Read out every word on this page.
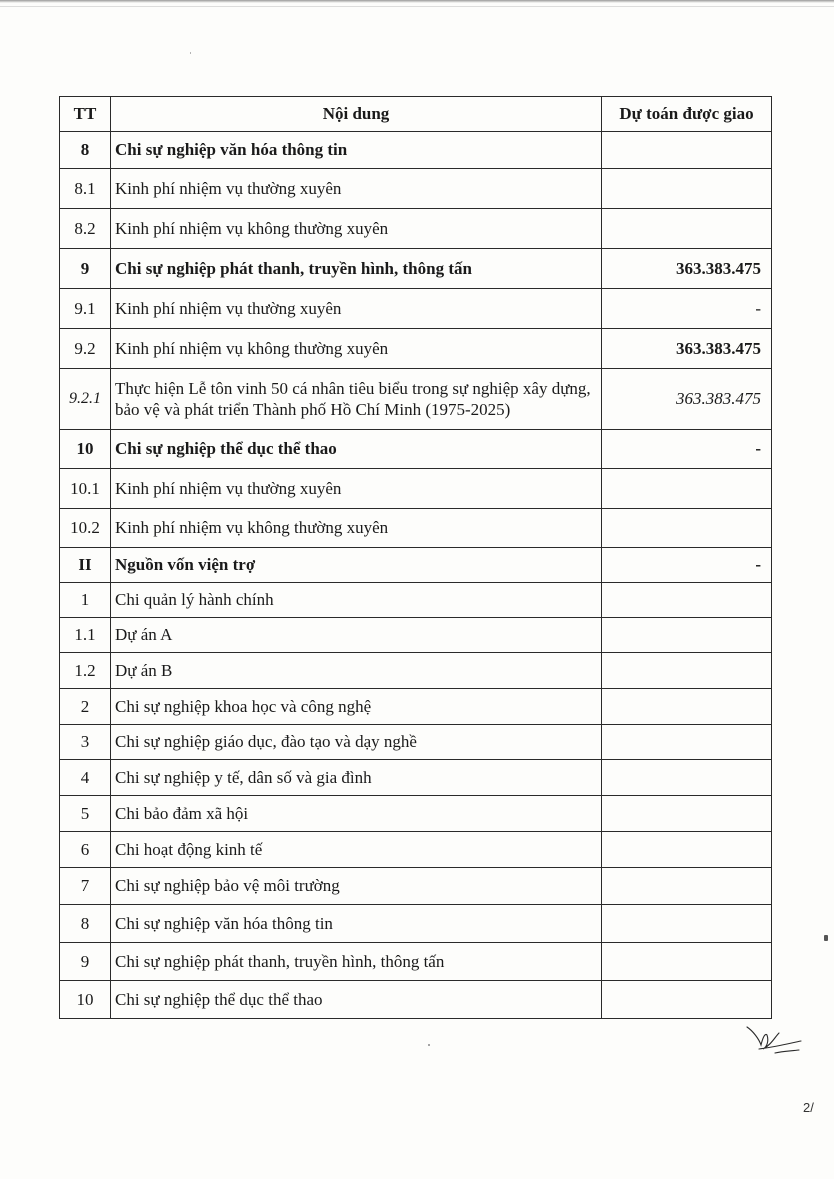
TT	Nội dung	Dự toán được giao
8	Chi sự nghiệp văn hóa thông tin	
8.1	Kinh phí nhiệm vụ thường xuyên	
8.2	Kinh phí nhiệm vụ không thường xuyên	
9	Chi sự nghiệp phát thanh, truyền hình, thông tấn	363.383.475
9.1	Kinh phí nhiệm vụ thường xuyên	-
9.2	Kinh phí nhiệm vụ không thường xuyên	363.383.475
9.2.1	Thực hiện Lễ tôn vinh 50 cá nhân tiêu biểu trong sự nghiệp xây dựng, bảo vệ và phát triển Thành phố Hồ Chí Minh (1975-2025)	363.383.475
10	Chi sự nghiệp thể dục thể thao	-
10.1	Kinh phí nhiệm vụ thường xuyên	
10.2	Kinh phí nhiệm vụ không thường xuyên	
II	Nguồn vốn viện trợ	-
1	Chi quản lý hành chính	
1.1	Dự án A	
1.2	Dự án B	
2	Chi sự nghiệp khoa học và công nghệ	
3	Chi sự nghiệp giáo dục, đào tạo và dạy nghề	
4	Chi sự nghiệp y tế, dân số và gia đình	
5	Chi bảo đảm xã hội	
6	Chi hoạt động kinh tế	
7	Chi sự nghiệp bảo vệ môi trường	
8	Chi sự nghiệp văn hóa thông tin	
9	Chi sự nghiệp phát thanh, truyền hình, thông tấn	
10	Chi sự nghiệp thể dục thể thao	
2/
